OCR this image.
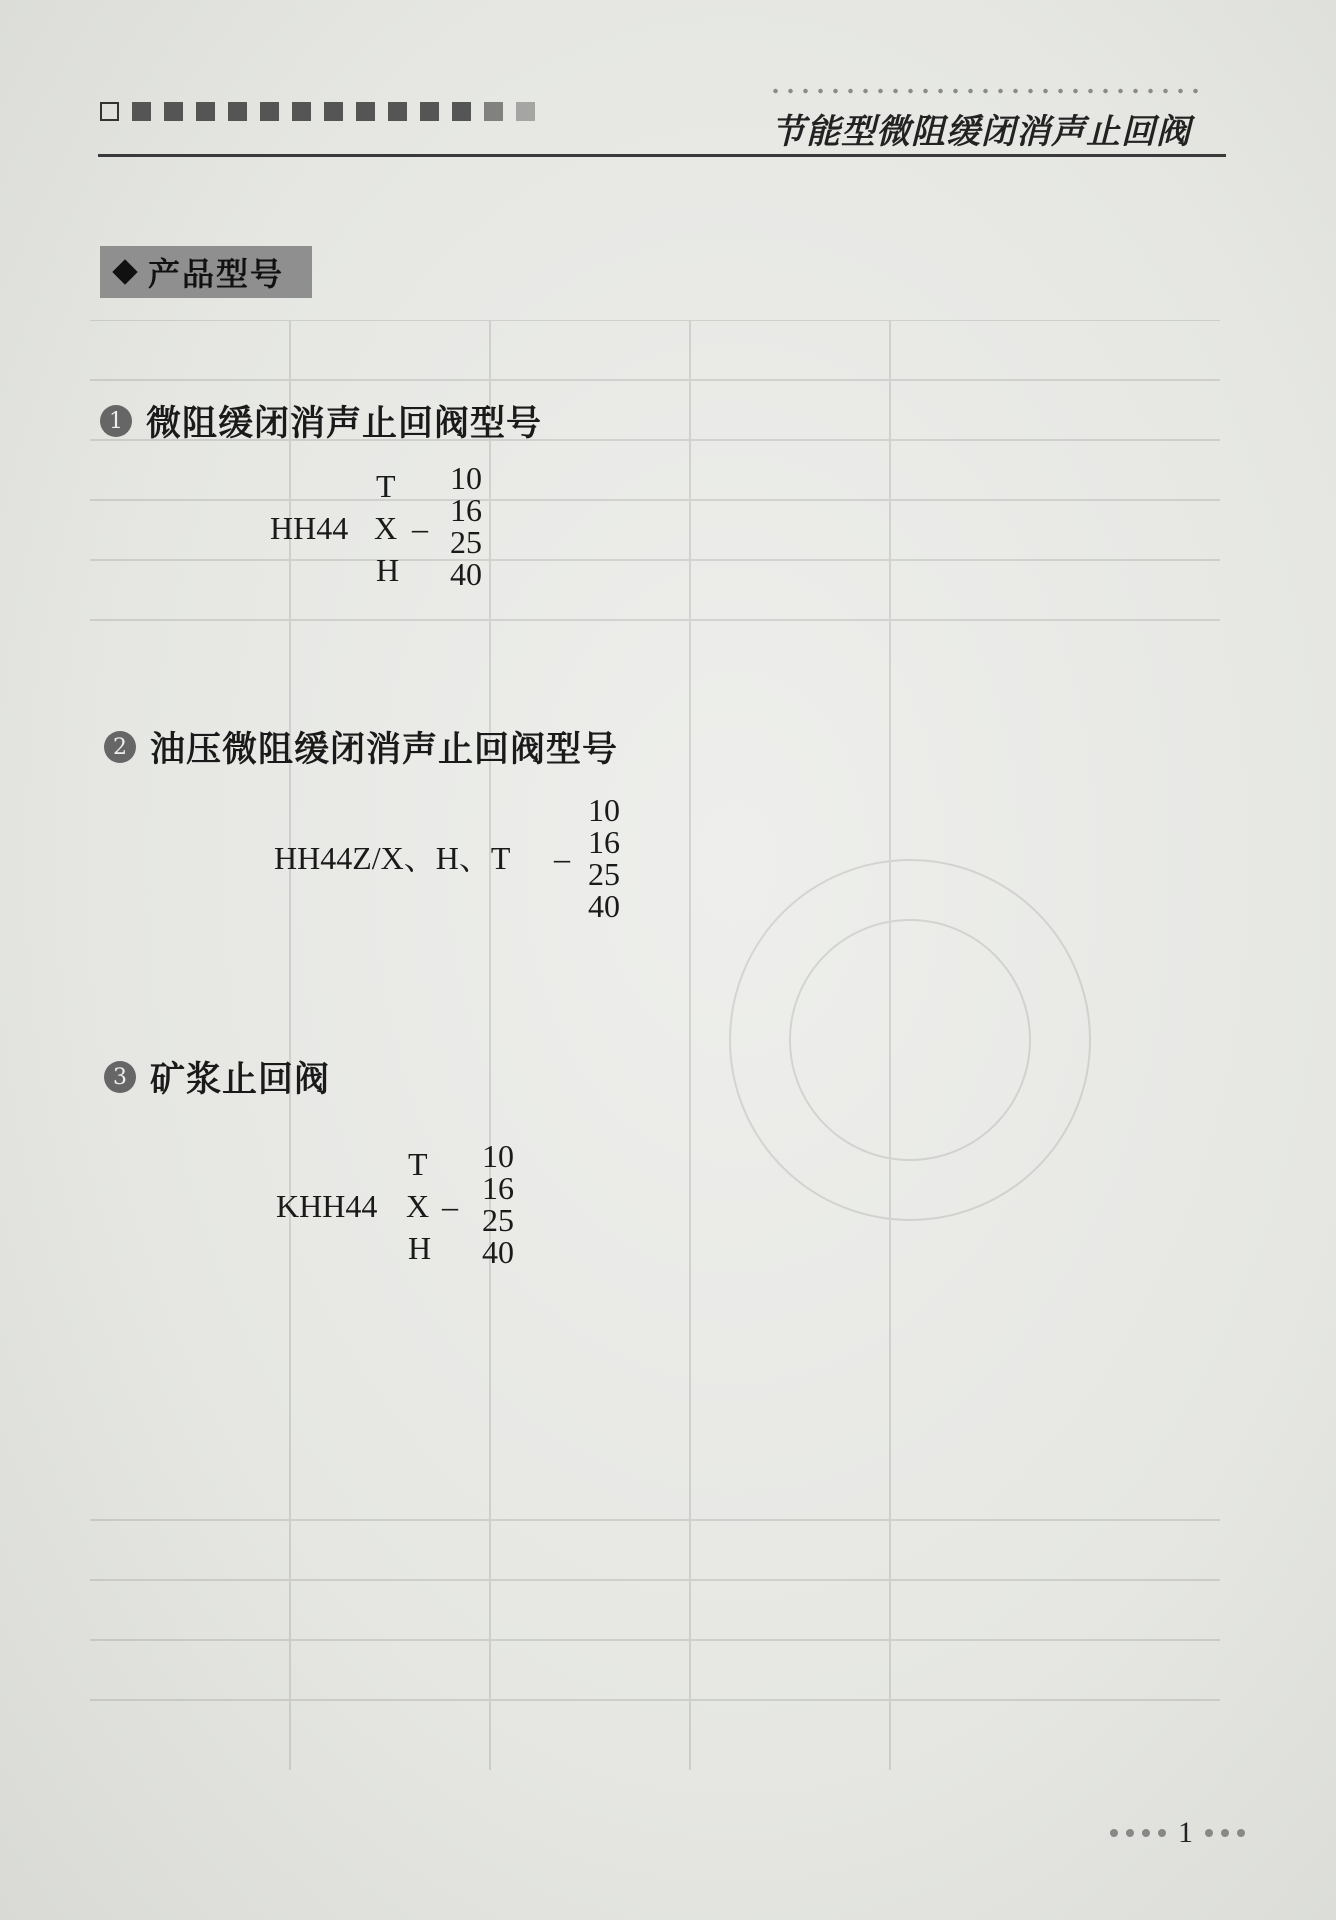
节能型微阻缓闭消声止回阀
产品型号
1 微阻缓闭消声止回阀型号
HH44
T
X
H
–
10
16
25
40
2 油压微阻缓闭消声止回阀型号
HH44Z/X、H、T –
10
16
25
40
3 矿浆止回阀
KHH44
T
X
H
–
10
16
25
40
1
